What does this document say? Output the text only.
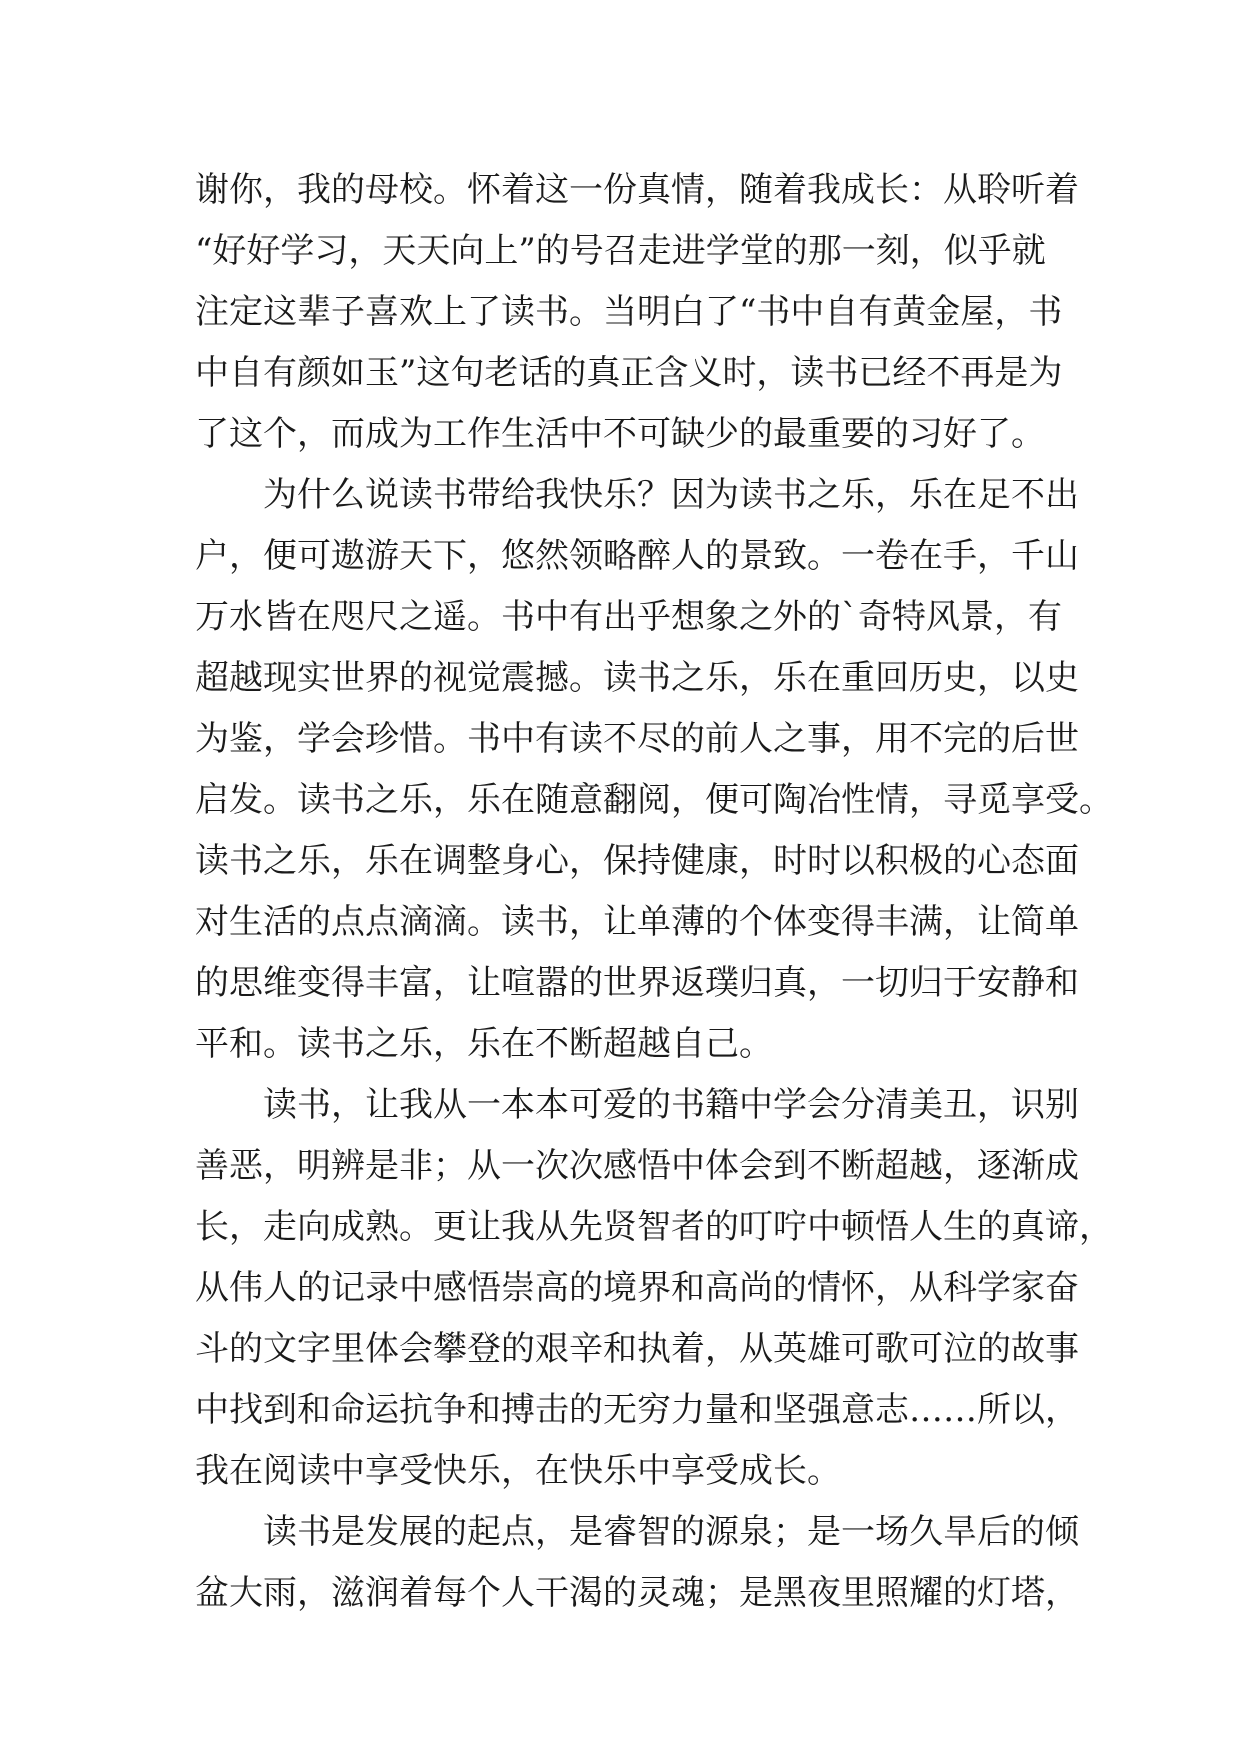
谢你，我的母校。怀着这一份真情，随着我成长：从聆听着
“好好学习，天天向上”的号召走进学堂的那一刻，似乎就
注定这辈子喜欢上了读书。当明白了“书中自有黄金屋，书
中自有颜如玉”这句老话的真正含义时，读书已经不再是为
了这个，而成为工作生活中不可缺少的最重要的习好了。
为什么说读书带给我快乐？因为读书之乐，乐在足不出
户，便可遨游天下，悠然领略醉人的景致。一卷在手，千山
万水皆在咫尺之遥。书中有出乎想象之外的`奇特风景，有
超越现实世界的视觉震撼。读书之乐，乐在重回历史，以史
为鉴，学会珍惜。书中有读不尽的前人之事，用不完的后世
启发。读书之乐，乐在随意翻阅，便可陶冶性情，寻觅享受。
读书之乐，乐在调整身心，保持健康，时时以积极的心态面
对生活的点点滴滴。读书，让单薄的个体变得丰满，让简单
的思维变得丰富，让喧嚣的世界返璞归真，一切归于安静和
平和。读书之乐，乐在不断超越自己。
读书，让我从一本本可爱的书籍中学会分清美丑，识别
善恶，明辨是非；从一次次感悟中体会到不断超越，逐渐成
长，走向成熟。更让我从先贤智者的叮咛中顿悟人生的真谛，
从伟人的记录中感悟崇高的境界和高尚的情怀，从科学家奋
斗的文字里体会攀登的艰辛和执着，从英雄可歌可泣的故事
中找到和命运抗争和搏击的无穷力量和坚强意志……所以，
我在阅读中享受快乐，在快乐中享受成长。
读书是发展的起点，是睿智的源泉；是一场久旱后的倾
盆大雨，滋润着每个人干渴的灵魂；是黑夜里照耀的灯塔，
